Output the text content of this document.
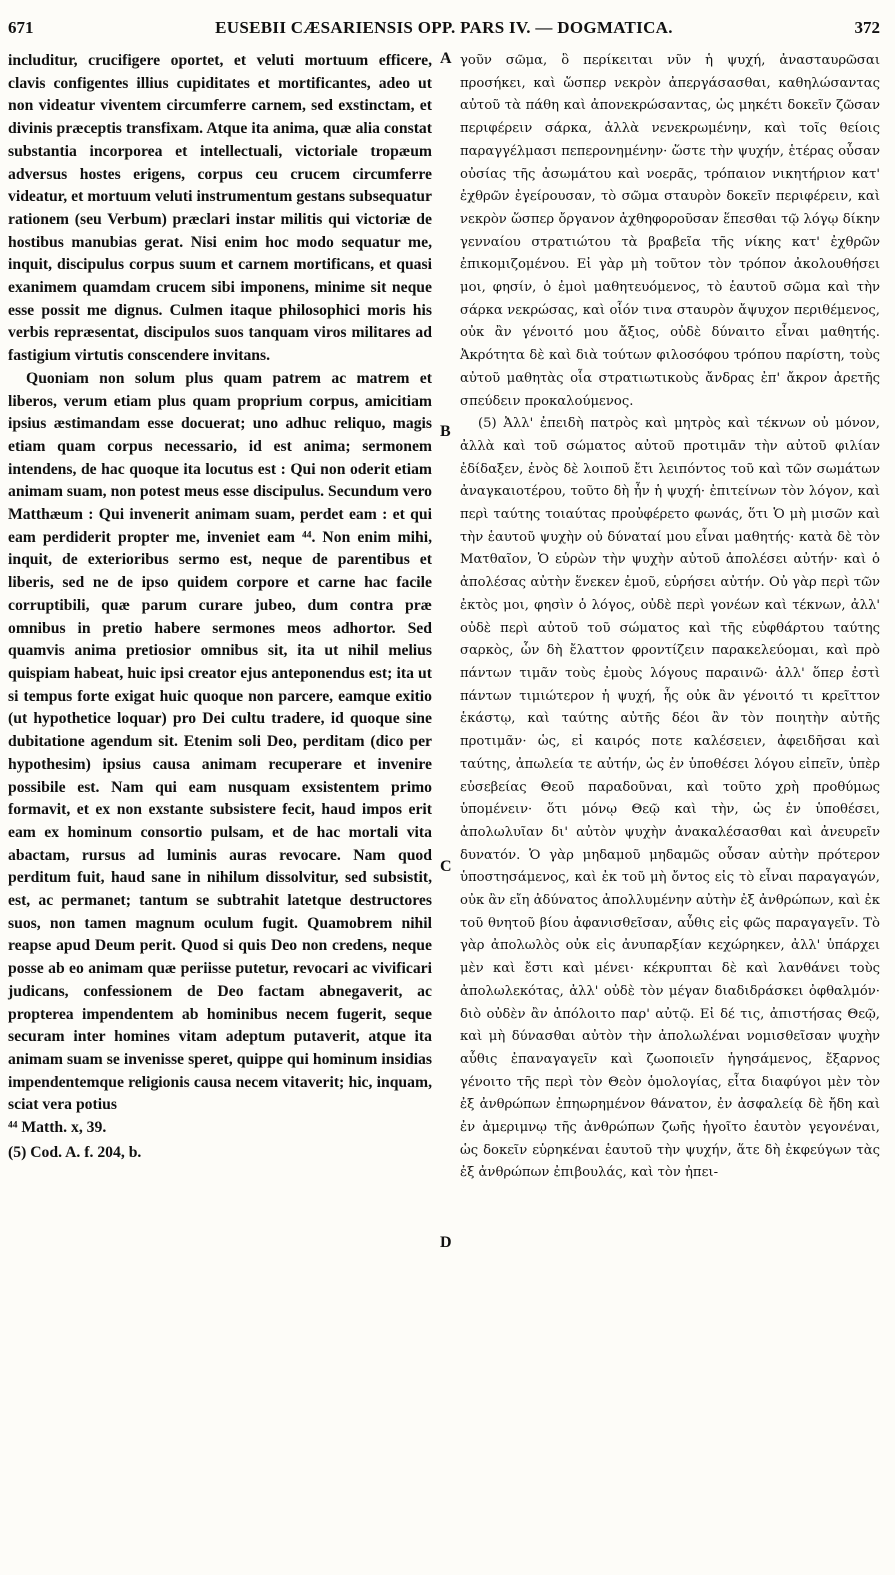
671	EUSEBII CÆSARIENSIS OPP. PARS IV. — DOGMATICA.	372

includitur, crucifigere oportet, et veluti mortuum efficere, clavis configentes illius cupiditates et mortificantes, adeo ut non videatur viventem circumferre carnem, sed exstinctam, et divinis præceptis transfixam. Atque ita anima, quæ alia constat substantia incorporea et intellectuali, victoriale tropæum adversus hostes erigens, corpus ceu crucem circumferre videatur, et mortuum veluti instrumentum gestans subsequatur rationem (seu Verbum) præclari instar militis qui victoriæ de hostibus manubias gerat. Nisi enim hoc modo sequatur me, inquit, discipulus corpus suum et carnem mortificans, et quasi exanimem quamdam crucem sibi imponens, minime sit neque esse possit me dignus. Culmen itaque philosophici moris his verbis repræsentat, discipulos suos tanquam viros militares ad fastigium virtutis conscendere invitans.

Quoniam non solum plus quam patrem ac matrem et liberos, verum etiam plus quam proprium corpus, amicitiam ipsius æstimandam esse docuerat; uno adhuc reliquo, magis etiam quam corpus necessario, id est anima; sermonem intendens, de hac quoque ita locutus est : Qui non oderit etiam animam suam, non potest meus esse discipulus. Secundum vero Matthæum : Qui invenerit animam suam, perdet eam : et qui eam perdiderit propter me, inveniet eam ⁴⁴. Non enim mihi, inquit, de exterioribus sermo est, neque de parentibus et liberis, sed ne de ipso quidem corpore et carne hac facile corruptibili, quæ parum curare jubeo, dum contra præ omnibus in pretio habere sermones meos adhortor. Sed quamvis anima pretiosior omnibus sit, ita ut nihil melius quispiam habeat, huic ipsi creator ejus anteponendus est; ita ut si tempus forte exigat huic quoque non parcere, eamque exitio (ut hypothetice loquar) pro Dei cultu tradere, id quoque sine dubitatione agendum sit. Etenim soli Deo, perditam (dico per hypothesim) ipsius causa animam recuperare et invenire possibile est. Nam qui eam nusquam exsistentem primo formavit, et ex non exstante subsistere fecit, haud impos erit eam ex hominum consortio pulsam, et de hac mortali vita abactam, rursus ad luminis auras revocare. Nam quod perditum fuit, haud sane in nihilum dissolvitur, sed subsistit, est, ac permanet; tantum se subtrahit latetque destructores suos, non tamen magnum oculum fugit. Quamobrem nihil reapse apud Deum perit. Quod si quis Deo non credens, neque posse ab eo animam quæ periisse putetur, revocari ac vivificari judicans, confessionem de Deo factam abnegaverit, ac propterea impendentem ab hominibus necem fugerit, seque securam inter homines vitam adeptum putaverit, atque ita animam suam se invenisse speret, quippe qui hominum insidias impendentemque religionis causa necem vitaverit; hic, inquam, sciat vera potius

⁴⁴ Matth. x, 39.

(5) Cod. A. f. 204, b.

A
B
C
D

γοῦν σῶμα, ὃ περίκειται νῦν ἡ ψυχή, ἀνασταυρῶσαι προσήκει, καὶ ὥσπερ νεκρὸν ἀπεργάσασθαι, καθηλώσαντας αὐτοῦ τὰ πάθη καὶ ἀπονεκρώσαντας, ὡς μηκέτι δοκεῖν ζῶσαν περιφέρειν σάρκα, ἀλλὰ νενεκρωμένην, καὶ τοῖς θείοις παραγγέλμασι πεπερονημένην· ὥστε τὴν ψυχήν, ἑτέρας οὖσαν οὐσίας τῆς ἀσωμάτου καὶ νοερᾶς, τρόπαιον νικητήριον κατ' ἐχθρῶν ἐγείρουσαν, τὸ σῶμα σταυρὸν δοκεῖν περιφέρειν, καὶ νεκρὸν ὥσπερ ὄργανον ἀχθηφοροῦσαν ἕπεσθαι τῷ λόγῳ δίκην γενναίου στρατιώτου τὰ βραβεῖα τῆς νίκης κατ' ἐχθρῶν ἐπικομιζομένου. Εἰ γὰρ μὴ τοῦτον τὸν τρόπον ἀκολουθήσει μοι, φησίν, ὁ ἐμοὶ μαθητευόμενος, τὸ ἑαυτοῦ σῶμα καὶ τὴν σάρκα νεκρώσας, καὶ οἷόν τινα σταυρὸν ἄψυχον περιθέμενος, οὐκ ἂν γένοιτό μου ἄξιος, οὐδὲ δύναιτο εἶναι μαθητής. Ἀκρότητα δὲ καὶ διὰ τούτων φιλοσόφου τρόπου παρίστη, τοὺς αὐτοῦ μαθητὰς οἷα στρατιωτικοὺς ἄνδρας ἐπ' ἄκρον ἀρετῆς σπεύδειν προκαλούμενος.

(5) Ἀλλ' ἐπειδὴ πατρὸς καὶ μητρὸς καὶ τέκνων οὐ μόνον, ἀλλὰ καὶ τοῦ σώματος αὐτοῦ προτιμᾶν τὴν αὐτοῦ φιλίαν ἐδίδαξεν, ἑνὸς δὲ λοιποῦ ἔτι λειπόντος τοῦ καὶ τῶν σωμάτων ἀναγκαιοτέρου, τοῦτο δὴ ἦν ἡ ψυχή· ἐπιτείνων τὸν λόγον, καὶ περὶ ταύτης τοιαύτας προὐφέρετο φωνάς, ὅτι Ὁ μὴ μισῶν καὶ τὴν ἑαυτοῦ ψυχὴν οὐ δύναταί μου εἶναι μαθητής· κατὰ δὲ τὸν Ματθαῖον, Ὁ εὑρὼν τὴν ψυχὴν αὐτοῦ ἀπολέσει αὐτήν· καὶ ὁ ἀπολέσας αὐτὴν ἕνεκεν ἐμοῦ, εὑρήσει αὐτήν. Οὐ γὰρ περὶ τῶν ἐκτὸς μοι, φησὶν ὁ λόγος, οὐδὲ περὶ γονέων καὶ τέκνων, ἀλλ' οὐδὲ περὶ αὐτοῦ τοῦ σώματος καὶ τῆς εὐφθάρτου ταύτης σαρκὸς, ὧν δὴ ἔλαττον φροντίζειν παρακελεύομαι, καὶ πρὸ πάντων τιμᾶν τοὺς ἐμοὺς λόγους παραινῶ· ἀλλ' ὅπερ ἐστὶ πάντων τιμιώτερον ἡ ψυχή, ἧς οὐκ ἂν γένοιτό τι κρεῖττον ἑκάστῳ, καὶ ταύτης αὐτῆς δέοι ἂν τὸν ποιητὴν αὐτῆς προτιμᾶν· ὡς, εἰ καιρός ποτε καλέσειεν, ἀφειδῆσαι καὶ ταύτης, ἀπωλεία τε αὐτήν, ὡς ἐν ὑποθέσει λόγου εἰπεῖν, ὑπὲρ εὐσεβείας Θεοῦ παραδοῦναι, καὶ τοῦτο χρὴ προθύμως ὑπομένειν· ὅτι μόνῳ Θεῷ καὶ τὴν, ὡς ἐν ὑποθέσει, ἀπολωλυῖαν δι' αὐτὸν ψυχὴν ἀνακαλέσασθαι καὶ ἀνευρεῖν δυνατόν. Ὁ γὰρ μηδαμοῦ μηδαμῶς οὖσαν αὐτὴν πρότερον ὑποστησάμενος, καὶ ἐκ τοῦ μὴ ὄντος εἰς τὸ εἶναι παραγαγών, οὐκ ἂν εἴη ἀδύνατος ἀπολλυμένην αὐτὴν ἐξ ἀνθρώπων, καὶ ἐκ τοῦ θνητοῦ βίου ἀφανισθεῖσαν, αὖθις εἰς φῶς παραγαγεῖν. Τὸ γὰρ ἀπολωλὸς οὐκ εἰς ἀνυπαρξίαν κεχώρηκεν, ἀλλ' ὑπάρχει μὲν καὶ ἔστι καὶ μένει· κέκρυπται δὲ καὶ λανθάνει τοὺς ἀπολωλεκότας, ἀλλ' οὐδὲ τὸν μέγαν διαδιδράσκει ὀφθαλμόν· διὸ οὐδὲν ἂν ἀπόλοιτο παρ' αὐτῷ. Εἰ δέ τις, ἀπιστήσας Θεῷ, καὶ μὴ δύνασθαι αὐτὸν τὴν ἀπολωλέναι νομισθεῖσαν ψυχὴν αὖθις ἐπαναγαγεῖν καὶ ζωοποιεῖν ἡγησάμενος, ἔξαρνος γένοιτο τῆς περὶ τὸν Θεὸν ὁμολογίας, εἶτα διαφύγοι μὲν τὸν ἐξ ἀνθρώπων ἐπηωρημένον θάνατον, ἐν ἀσφαλείᾳ δὲ ἤδη καὶ ἐν ἀμεριμνῳ τῆς ἀνθρώπων ζωῆς ἡγοῖτο ἑαυτὸν γεγονέναι, ὡς δοκεῖν εὑρηκέναι ἑαυτοῦ τὴν ψυχήν, ἅτε δὴ ἐκφεύγων τὰς ἐξ ἀνθρώπων ἐπιβουλάς, καὶ τὸν ἠπει-
